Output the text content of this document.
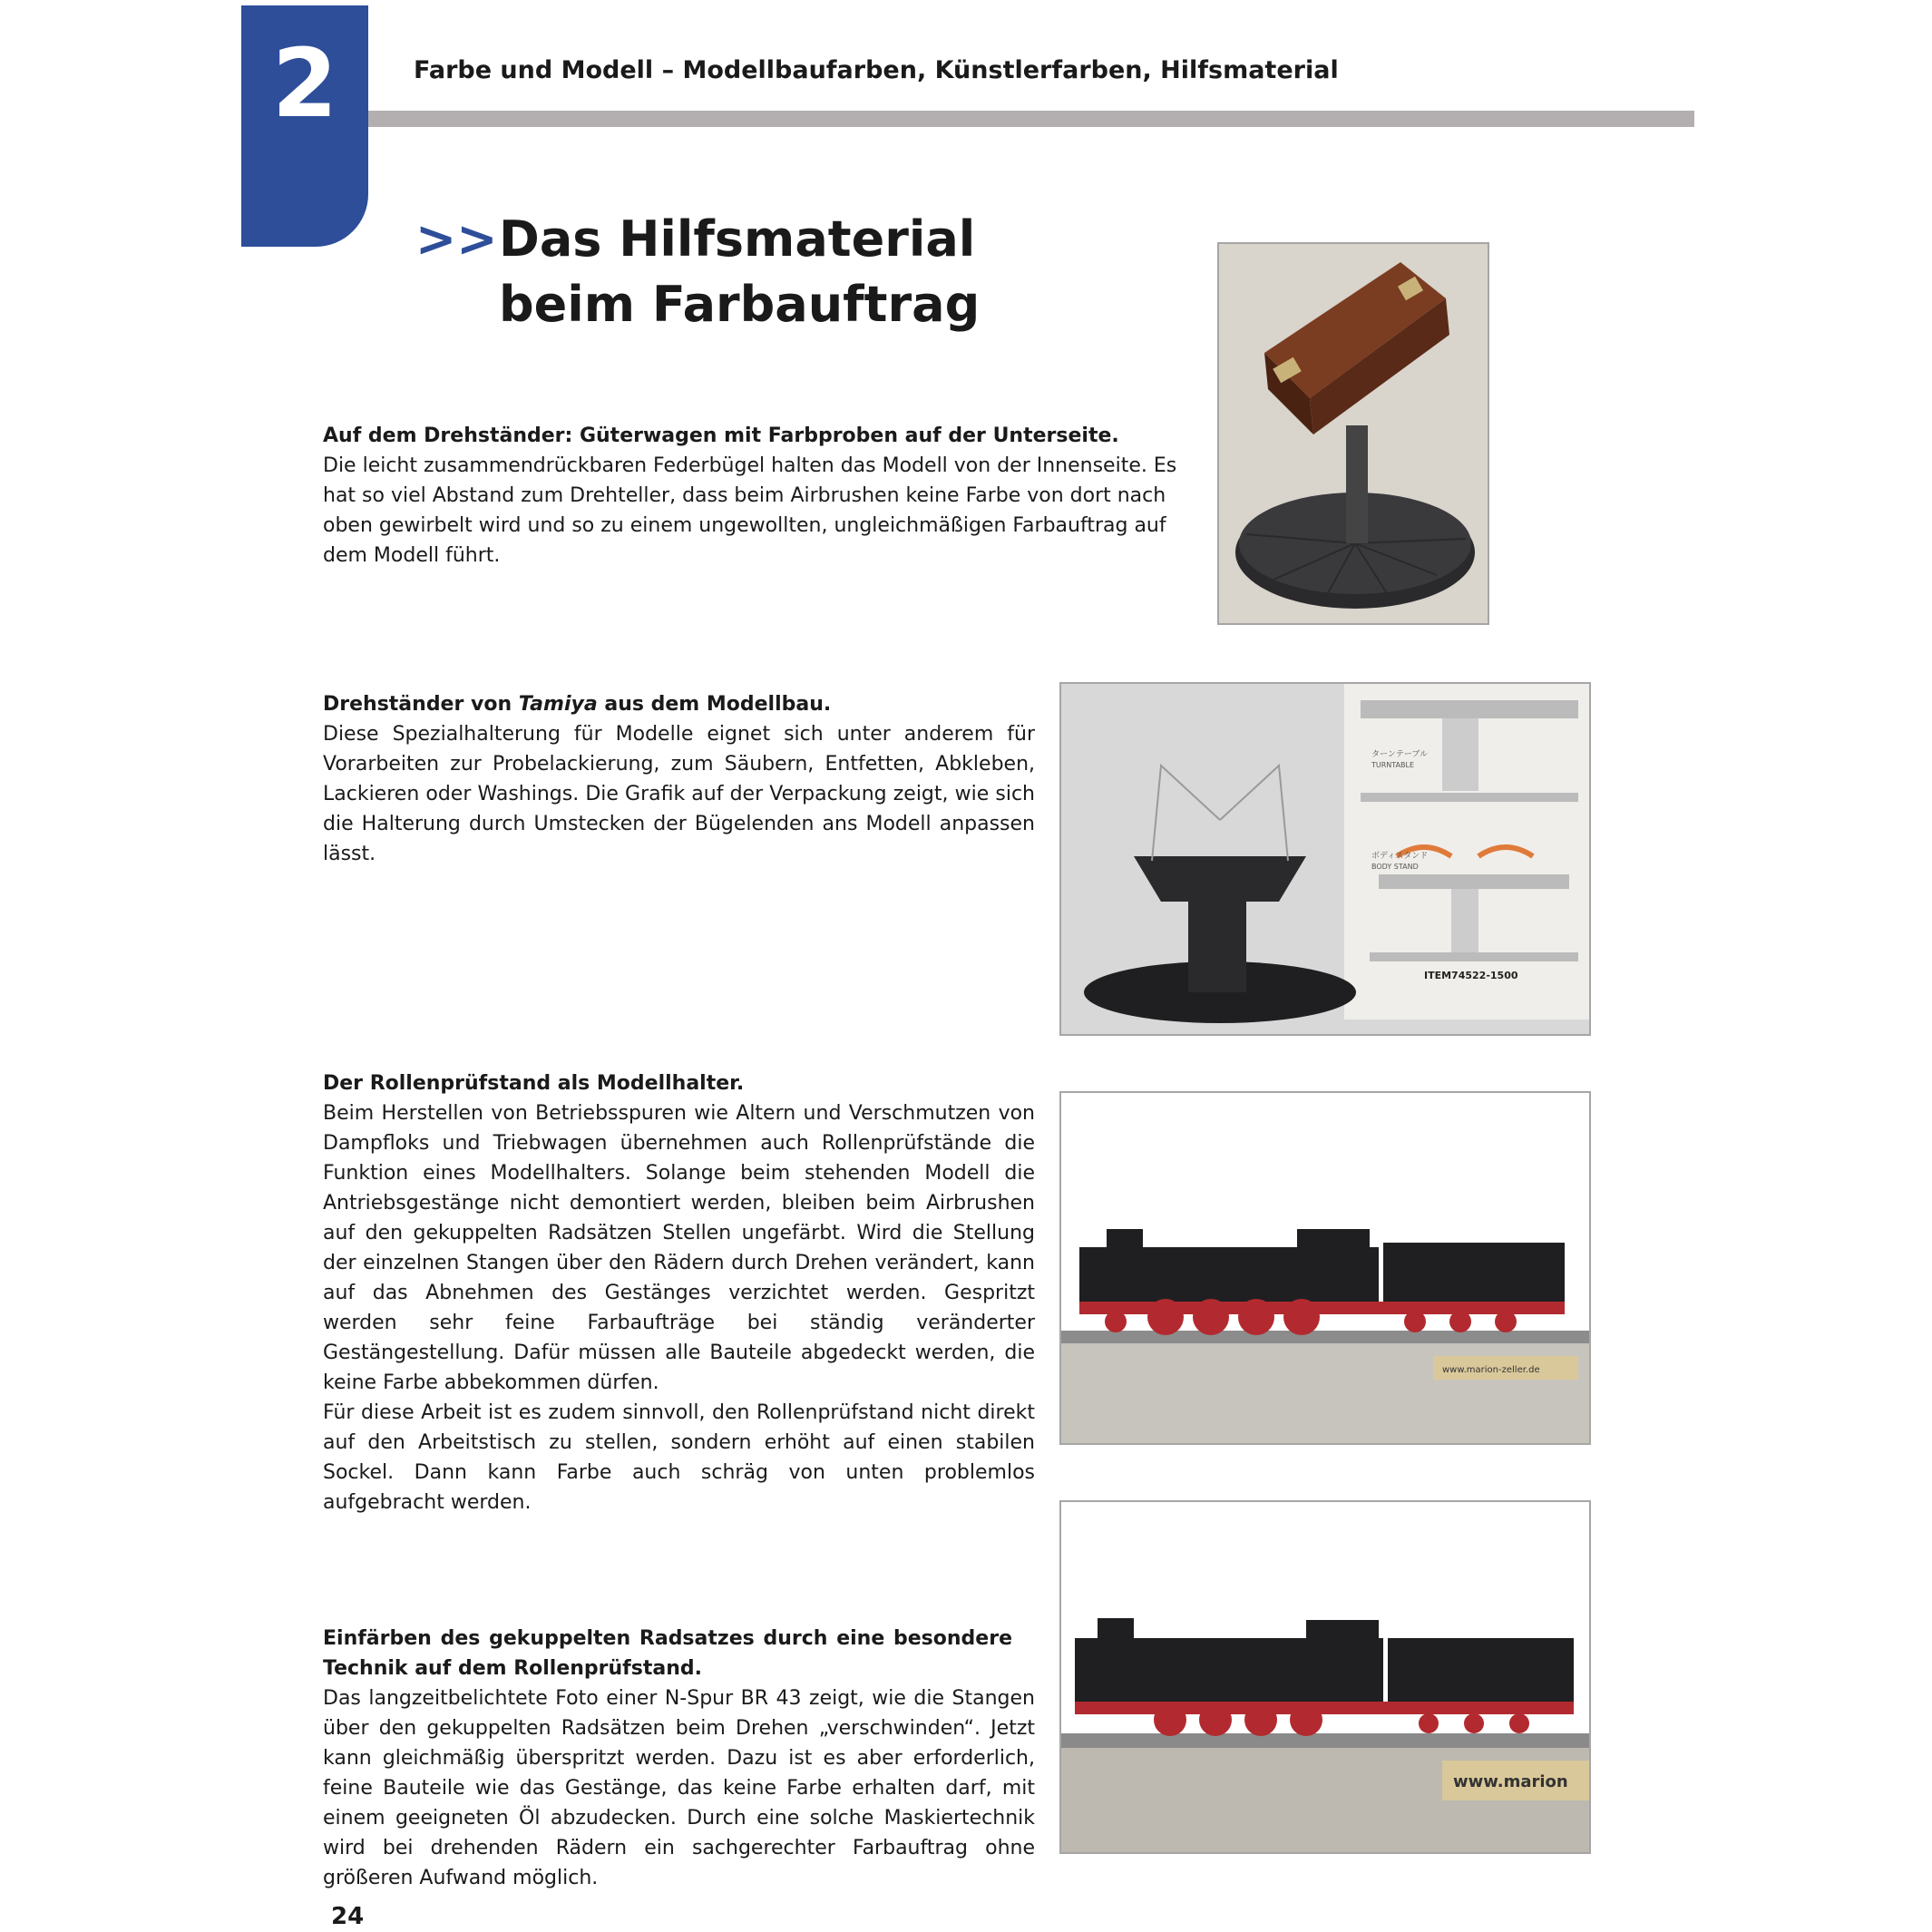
2	Farbe und Modell – Modellbaufarben, Künstlerfarben, Hilfsmaterial
>>Das Hilfsmaterial
beim Farbauftrag
Auf dem Drehständer: Güterwagen mit Farbproben auf der Unterseite.
Die leicht zusammendrückbaren Federbügel halten das Modell von der Innenseite. Es hat so viel Abstand zum Drehteller, dass beim Airbrushen keine Farbe von dort nach oben gewirbelt wird und so zu einem ungewollten, ungleichmäßigen Farbauftrag auf dem Modell führt.
Drehständer von Tamiya aus dem Modellbau.
Diese Spezialhalterung für Modelle eignet sich unter anderem für Vorarbeiten zur Probelackierung, zum Säubern, Entfetten, Abkleben, Lackieren oder Washings. Die Grafik auf der Verpackung zeigt, wie sich die Halterung durch Umstecken der Bügelenden ans Modell anpassen lässt.
ターンテーブル
TURNTABLE
ボディスタンド
BODY STAND
ITEM74522-1500
Der Rollenprüfstand als Modellhalter.
Beim Herstellen von Betriebsspuren wie Altern und Verschmutzen von Dampfloks und Triebwagen übernehmen auch Rollenprüfstände die Funktion eines Modellhalters. Solange beim stehenden Modell die Antriebsgestänge nicht demontiert werden, bleiben beim Airbrushen auf den gekuppelten Radsätzen Stellen ungefärbt. Wird die Stellung der einzelnen Stangen über den Rädern durch Drehen verändert, kann auf das Abnehmen des Gestänges verzichtet werden. Gespritzt werden sehr feine Farbaufträge bei ständig veränderter Gestängestellung. Dafür müssen alle Bauteile abgedeckt werden, die keine Farbe abbekommen dürfen.
Für diese Arbeit ist es zudem sinnvoll, den Rollenprüfstand nicht direkt auf den Arbeitstisch zu stellen, sondern erhöht auf einen stabilen Sockel. Dann kann Farbe auch schräg von unten problemlos aufgebracht werden.
www.marion-zeller.de
Einfärben des gekuppelten Radsatzes durch eine besondere Technik auf dem Rollenprüfstand.
Das langzeitbelichtete Foto einer N-Spur BR 43 zeigt, wie die Stangen über den gekuppelten Radsätzen beim Drehen „verschwinden“. Jetzt kann gleichmäßig überspritzt werden. Dazu ist es aber erforderlich, feine Bauteile wie das Gestänge, das keine Farbe erhalten darf, mit einem geeigneten Öl abzudecken. Durch eine solche Maskiertechnik wird bei drehenden Rädern ein sachgerechter Farbauftrag ohne größeren Aufwand möglich.
www.marion
24
